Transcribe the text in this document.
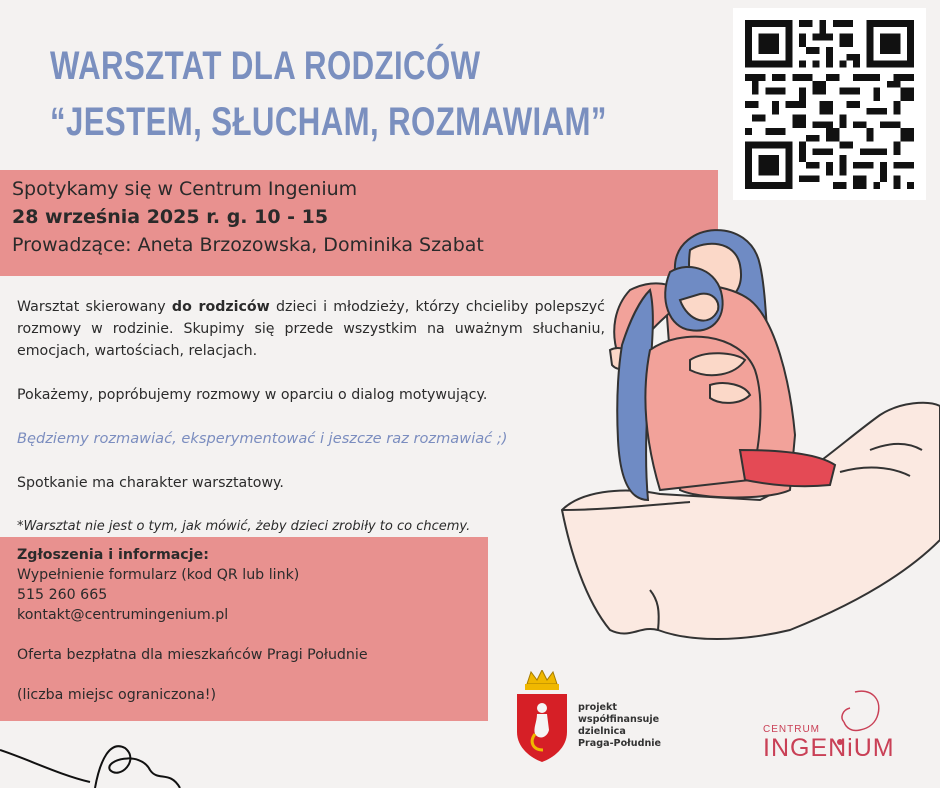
WARSZTAT DLA RODZICÓW
“JESTEM, SŁUCHAM, ROZMAWIAM”
Spotykamy się w Centrum Ingenium
28 września 2025 r. g. 10 - 15
Prowadzące: Aneta Brzozowska, Dominika Szabat
Warsztat skierowany do rodziców dzieci i młodzieży, którzy chcieliby polepszyć rozmowy w rodzinie. Skupimy się przede wszystkim na uważnym słuchaniu, emocjach, wartościach, relacjach.
Pokażemy, popróbujemy rozmowy w oparciu o dialog motywujący.
Będziemy rozmawiać, eksperymentować i jeszcze raz rozmawiać ;)
Spotkanie ma charakter warsztatowy.
*Warsztat nie jest o tym, jak mówić, żeby dzieci zrobiły to co chcemy.
Zgłoszenia i informacje:
Wypełnienie formularz (kod QR lub link)
515 260 665
kontakt@centrumingenium.pl
Oferta bezpłatna dla mieszkańców Pragi Południe
(liczba miejsc ograniczona!)
projekt
współfinansuje
dzielnica
Praga-Południe
CENTRUM
INGENiUM
